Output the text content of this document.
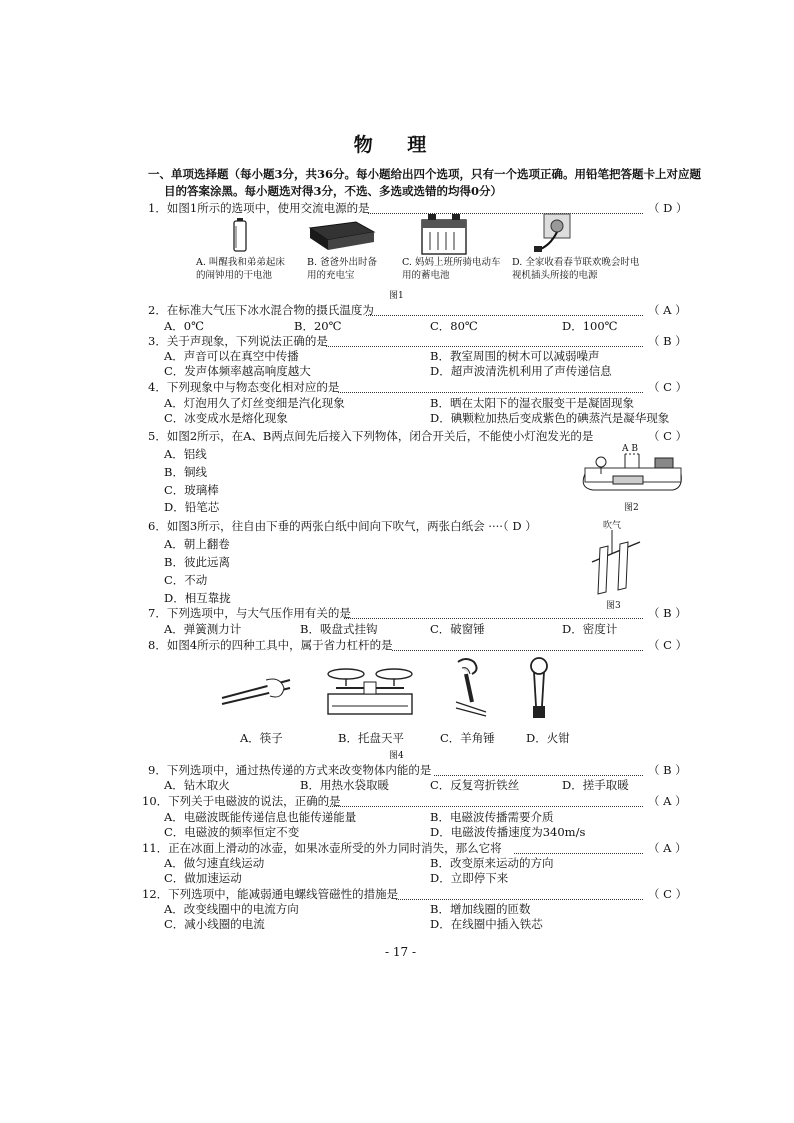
物 理
一、单项选择题（每小题3分，共36分。每小题给出四个选项，只有一个选项正确。用铅笔把答题卡上对应题
目的答案涂黑。每小题选对得3分，不选、多选或选错的均得0分）
1．如图1所示的选项中，使用交流电源的是	（ D ）
A. 叫醒我和弟弟起床
的闹钟用的干电池
B. 爸爸外出时备
用的充电宝
C. 妈妈上班所骑电动车
用的蓄电池
D. 全家收看春节联欢晚会时电
视机插头所接的电源
图1
2．在标准大气压下冰水混合物的摄氏温度为	（ A ）
A．0℃	B．20℃	C．80℃	D．100℃
3．关于声现象，下列说法正确的是	（ B ）
A．声音可以在真空中传播	B．教室周围的树木可以减弱噪声
C．发声体频率越高响度越大	D．超声波清洗机利用了声传递信息
4．下列现象中与物态变化相对应的是	（ C ）
A．灯泡用久了灯丝变细是汽化现象	B．晒在太阳下的湿衣服变干是凝固现象
C．冰变成水是熔化现象	D．碘颗粒加热后变成紫色的碘蒸汽是凝华现象
5．如图2所示，在A、B两点间先后接入下列物体，闭合开关后，不能使小灯泡发光的是	（ C ）
A．铝线
B．铜线
C．玻璃棒
D．铅笔芯
A B
图2
6．如图3所示，往自由下垂的两张白纸中间向下吹气，两张白纸会 ····（ D ）
A．朝上翻卷
B．彼此远离
C．不动
D．相互靠拢
吹气
图3
7．下列选项中，与大气压作用有关的是	（ B ）
A．弹簧测力计	B．吸盘式挂钩	C．破窗锤	D．密度计
8．如图4所示的四种工具中，属于省力杠杆的是	（ C ）
A．筷子	B．托盘天平	C．羊角锤	D．火钳
图4
9．下列选项中，通过热传递的方式来改变物体内能的是	（ B ）
A．钻木取火	B．用热水袋取暖	C．反复弯折铁丝	D．搓手取暖
10．下列关于电磁波的说法，正确的是	（ A ）
A．电磁波既能传递信息也能传递能量	B．电磁波传播需要介质
C．电磁波的频率恒定不变	D．电磁波传播速度为340m/s
11．正在冰面上滑动的冰壶，如果冰壶所受的外力同时消失，那么它将	（ A ）
A．做匀速直线运动	B．改变原来运动的方向
C．做加速运动	D．立即停下来
12．下列选项中，能减弱通电螺线管磁性的措施是	（ C ）
A．改变线圈中的电流方向	B．增加线圈的匝数
C．减小线圈的电流	D．在线圈中插入铁芯
- 17 -
